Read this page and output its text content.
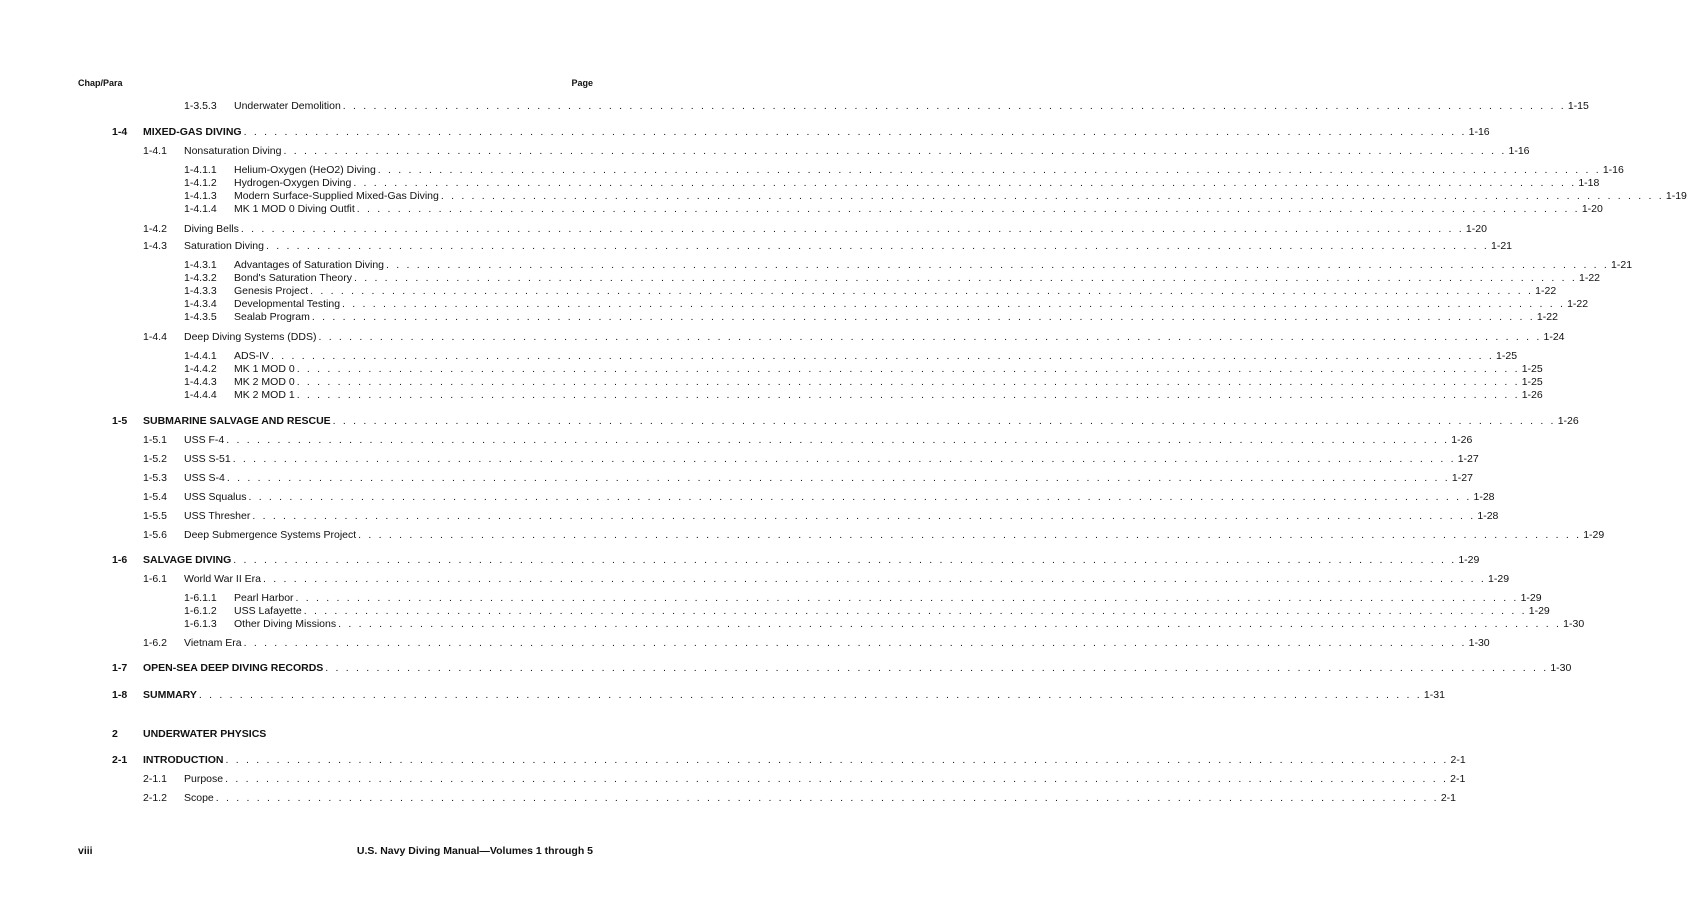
Chap/Para	Page
1-3.5.3 Underwater Demolition . . . . . . . . . . . . . . . . . . . . . . . . . . . . . . . . . . . . . . . . . . . . . . . . . . . . . . . . . . . . . . . . . . . . . . . . . . . . . . . . . . . . . . . . . . . . . . . . . . . . . . . . . . . . . . . . . . . . . . . . 1-15
1-4 MIXED-GAS DIVING . . . . . . . . . . . . . . . . . . . . . . . . . . . . . . . . . . . . . . . . . . . . . . . . . . . . . . . . . . . . . . . . . . . . . . . . . . . . . . . . . . . . . . . . . . . . . . . . . . . . . . . . . . . . . . . . . . . . . . . . 1-16
1-4.1 Nonsaturation Diving . . . . . . . . . . . . . . . . . . . . . . . . . . . . . . . . . . . . . . . . . . . . . . . . . . . . . . . . . . . . . . . . . . . . . . . . . . . . . . . . . . . . . . . . . . . . . . . . . . . . . . . . . . . . . . . . . . . . . . . . 1-16
1-4.1.1 Helium-Oxygen (HeO2) Diving . . . . . . . . . . . . . . . . . . . . . . . . . . . . . . . . . . . . . . . . . . . . . . . . . . . . . . . . . . . . . . . . . . . . . . . . . . . . . . . . . . . . . . . . . . . . . . . . . . . . . . . . . . . . . . . . . . . . . . . . 1-16
1-4.1.2 Hydrogen-Oxygen Diving . . . . . . . . . . . . . . . . . . . . . . . . . . . . . . . . . . . . . . . . . . . . . . . . . . . . . . . . . . . . . . . . . . . . . . . . . . . . . . . . . . . . . . . . . . . . . . . . . . . . . . . . . . . . . . . . . . . . . . . . 1-18
1-4.1.3 Modern Surface-Supplied Mixed-Gas Diving . . . . . . . . . . . . . . . . . . . . . . . . . . . . . . . . . . . . . . . . . . . . . . . . . . . . . . . . . . . . . . . . . . . . . . . . . . . . . . . . . . . . . . . . . . . . . . . . . . . . . . . . . . . . . . . . . . . . . . . . 1-19
1-4.1.4 MK 1 MOD 0 Diving Outfit . . . . . . . . . . . . . . . . . . . . . . . . . . . . . . . . . . . . . . . . . . . . . . . . . . . . . . . . . . . . . . . . . . . . . . . . . . . . . . . . . . . . . . . . . . . . . . . . . . . . . . . . . . . . . . . . . . . . . . . . 1-20
1-4.2 Diving Bells . . . . . . . . . . . . . . . . . . . . . . . . . . . . . . . . . . . . . . . . . . . . . . . . . . . . . . . . . . . . . . . . . . . . . . . . . . . . . . . . . . . . . . . . . . . . . . . . . . . . . . . . . . . . . . . . . . . . . . . . 1-20
1-4.3 Saturation Diving . . . . . . . . . . . . . . . . . . . . . . . . . . . . . . . . . . . . . . . . . . . . . . . . . . . . . . . . . . . . . . . . . . . . . . . . . . . . . . . . . . . . . . . . . . . . . . . . . . . . . . . . . . . . . . . . . . . . . . . . 1-21
1-4.3.1 Advantages of Saturation Diving . . . . . . . . . . . . . . . . . . . . . . . . . . . . . . . . . . . . . . . . . . . . . . . . . . . . . . . . . . . . . . . . . . . . . . . . . . . . . . . . . . . . . . . . . . . . . . . . . . . . . . . . . . . . . . . . . . . . . . . . 1-21
1-4.3.2 Bond's Saturation Theory . . . . . . . . . . . . . . . . . . . . . . . . . . . . . . . . . . . . . . . . . . . . . . . . . . . . . . . . . . . . . . . . . . . . . . . . . . . . . . . . . . . . . . . . . . . . . . . . . . . . . . . . . . . . . . . . . . . . . . . . 1-22
1-4.3.3 Genesis Project . . . . . . . . . . . . . . . . . . . . . . . . . . . . . . . . . . . . . . . . . . . . . . . . . . . . . . . . . . . . . . . . . . . . . . . . . . . . . . . . . . . . . . . . . . . . . . . . . . . . . . . . . . . . . . . . . . . . . . . . 1-22
1-4.3.4 Developmental Testing . . . . . . . . . . . . . . . . . . . . . . . . . . . . . . . . . . . . . . . . . . . . . . . . . . . . . . . . . . . . . . . . . . . . . . . . . . . . . . . . . . . . . . . . . . . . . . . . . . . . . . . . . . . . . . . . . . . . . . . . 1-22
1-4.3.5 Sealab Program . . . . . . . . . . . . . . . . . . . . . . . . . . . . . . . . . . . . . . . . . . . . . . . . . . . . . . . . . . . . . . . . . . . . . . . . . . . . . . . . . . . . . . . . . . . . . . . . . . . . . . . . . . . . . . . . . . . . . . . . 1-22
1-4.4 Deep Diving Systems (DDS) . . . . . . . . . . . . . . . . . . . . . . . . . . . . . . . . . . . . . . . . . . . . . . . . . . . . . . . . . . . . . . . . . . . . . . . . . . . . . . . . . . . . . . . . . . . . . . . . . . . . . . . . . . . . . . . . . . . . . . . . 1-24
1-4.4.1 ADS-IV . . . . . . . . . . . . . . . . . . . . . . . . . . . . . . . . . . . . . . . . . . . . . . . . . . . . . . . . . . . . . . . . . . . . . . . . . . . . . . . . . . . . . . . . . . . . . . . . . . . . . . . . . . . . . . . . . . . . . . . . 1-25
1-4.4.2 MK 1 MOD 0 . . . . . . . . . . . . . . . . . . . . . . . . . . . . . . . . . . . . . . . . . . . . . . . . . . . . . . . . . . . . . . . . . . . . . . . . . . . . . . . . . . . . . . . . . . . . . . . . . . . . . . . . . . . . . . . . . . . . . . . . 1-25
1-4.4.3 MK 2 MOD 0 . . . . . . . . . . . . . . . . . . . . . . . . . . . . . . . . . . . . . . . . . . . . . . . . . . . . . . . . . . . . . . . . . . . . . . . . . . . . . . . . . . . . . . . . . . . . . . . . . . . . . . . . . . . . . . . . . . . . . . . . 1-25
1-4.4.4 MK 2 MOD 1 . . . . . . . . . . . . . . . . . . . . . . . . . . . . . . . . . . . . . . . . . . . . . . . . . . . . . . . . . . . . . . . . . . . . . . . . . . . . . . . . . . . . . . . . . . . . . . . . . . . . . . . . . . . . . . . . . . . . . . . . 1-26
1-5 SUBMARINE SALVAGE AND RESCUE . . . . . . . . . . . . . . . . . . . . . . . . . . . . . . . . . . . . . . . . . . . . . . . . . . . . . . . . . . . . . . . . . . . . . . . . . . . . . . . . . . . . . . . . . . . . . . . . . . . . . . . . . . . . . . . . . . . . . . . . 1-26
1-5.1 USS F-4 . . . . . . . . . . . . . . . . . . . . . . . . . . . . . . . . . . . . . . . . . . . . . . . . . . . . . . . . . . . . . . . . . . . . . . . . . . . . . . . . . . . . . . . . . . . . . . . . . . . . . . . . . . . . . . . . . . . . . . . . 1-26
1-5.2 USS S-51 . . . . . . . . . . . . . . . . . . . . . . . . . . . . . . . . . . . . . . . . . . . . . . . . . . . . . . . . . . . . . . . . . . . . . . . . . . . . . . . . . . . . . . . . . . . . . . . . . . . . . . . . . . . . . . . . . . . . . . . . 1-27
1-5.3 USS S-4 . . . . . . . . . . . . . . . . . . . . . . . . . . . . . . . . . . . . . . . . . . . . . . . . . . . . . . . . . . . . . . . . . . . . . . . . . . . . . . . . . . . . . . . . . . . . . . . . . . . . . . . . . . . . . . . . . . . . . . . . 1-27
1-5.4 USS Squalus . . . . . . . . . . . . . . . . . . . . . . . . . . . . . . . . . . . . . . . . . . . . . . . . . . . . . . . . . . . . . . . . . . . . . . . . . . . . . . . . . . . . . . . . . . . . . . . . . . . . . . . . . . . . . . . . . . . . . . . . 1-28
1-5.5 USS Thresher . . . . . . . . . . . . . . . . . . . . . . . . . . . . . . . . . . . . . . . . . . . . . . . . . . . . . . . . . . . . . . . . . . . . . . . . . . . . . . . . . . . . . . . . . . . . . . . . . . . . . . . . . . . . . . . . . . . . . . . . 1-28
1-5.6 Deep Submergence Systems Project . . . . . . . . . . . . . . . . . . . . . . . . . . . . . . . . . . . . . . . . . . . . . . . . . . . . . . . . . . . . . . . . . . . . . . . . . . . . . . . . . . . . . . . . . . . . . . . . . . . . . . . . . . . . . . . . . . . . . . . . 1-29
1-6 SALVAGE DIVING . . . . . . . . . . . . . . . . . . . . . . . . . . . . . . . . . . . . . . . . . . . . . . . . . . . . . . . . . . . . . . . . . . . . . . . . . . . . . . . . . . . . . . . . . . . . . . . . . . . . . . . . . . . . . . . . . . . . . . . . 1-29
1-6.1 World War II Era . . . . . . . . . . . . . . . . . . . . . . . . . . . . . . . . . . . . . . . . . . . . . . . . . . . . . . . . . . . . . . . . . . . . . . . . . . . . . . . . . . . . . . . . . . . . . . . . . . . . . . . . . . . . . . . . . . . . . . . . 1-29
1-6.1.1 Pearl Harbor . . . . . . . . . . . . . . . . . . . . . . . . . . . . . . . . . . . . . . . . . . . . . . . . . . . . . . . . . . . . . . . . . . . . . . . . . . . . . . . . . . . . . . . . . . . . . . . . . . . . . . . . . . . . . . . . . . . . . . . . 1-29
1-6.1.2 USS Lafayette . . . . . . . . . . . . . . . . . . . . . . . . . . . . . . . . . . . . . . . . . . . . . . . . . . . . . . . . . . . . . . . . . . . . . . . . . . . . . . . . . . . . . . . . . . . . . . . . . . . . . . . . . . . . . . . . . . . . . . . . 1-29
1-6.1.3 Other Diving Missions . . . . . . . . . . . . . . . . . . . . . . . . . . . . . . . . . . . . . . . . . . . . . . . . . . . . . . . . . . . . . . . . . . . . . . . . . . . . . . . . . . . . . . . . . . . . . . . . . . . . . . . . . . . . . . . . . . . . . . . . 1-30
1-6.2 Vietnam Era . . . . . . . . . . . . . . . . . . . . . . . . . . . . . . . . . . . . . . . . . . . . . . . . . . . . . . . . . . . . . . . . . . . . . . . . . . . . . . . . . . . . . . . . . . . . . . . . . . . . . . . . . . . . . . . . . . . . . . . . 1-30
1-7 OPEN-SEA DEEP DIVING RECORDS . . . . . . . . . . . . . . . . . . . . . . . . . . . . . . . . . . . . . . . . . . . . . . . . . . . . . . . . . . . . . . . . . . . . . . . . . . . . . . . . . . . . . . . . . . . . . . . . . . . . . . . . . . . . . . . . . . . . . . . . 1-30
1-8 SUMMARY . . . . . . . . . . . . . . . . . . . . . . . . . . . . . . . . . . . . . . . . . . . . . . . . . . . . . . . . . . . . . . . . . . . . . . . . . . . . . . . . . . . . . . . . . . . . . . . . . . . . . . . . . . . . . . . . . . . . . . . . 1-31
2 UNDERWATER PHYSICS
2-1 INTRODUCTION . . . . . . . . . . . . . . . . . . . . . . . . . . . . . . . . . . . . . . . . . . . . . . . . . . . . . . . . . . . . . . . . . . . . . . . . . . . . . . . . . . . . . . . . . . . . . . . . . . . . . . . . . . . . . . . . . . . . . . . . 2-1
2-1.1 Purpose . . . . . . . . . . . . . . . . . . . . . . . . . . . . . . . . . . . . . . . . . . . . . . . . . . . . . . . . . . . . . . . . . . . . . . . . . . . . . . . . . . . . . . . . . . . . . . . . . . . . . . . . . . . . . . . . . . . . . . . . 2-1
2-1.2 Scope . . . . . . . . . . . . . . . . . . . . . . . . . . . . . . . . . . . . . . . . . . . . . . . . . . . . . . . . . . . . . . . . . . . . . . . . . . . . . . . . . . . . . . . . . . . . . . . . . . . . . . . . . . . . . . . . . . . . . . . . 2-1
viii	U.S. Navy Diving Manual—Volumes 1 through 5
